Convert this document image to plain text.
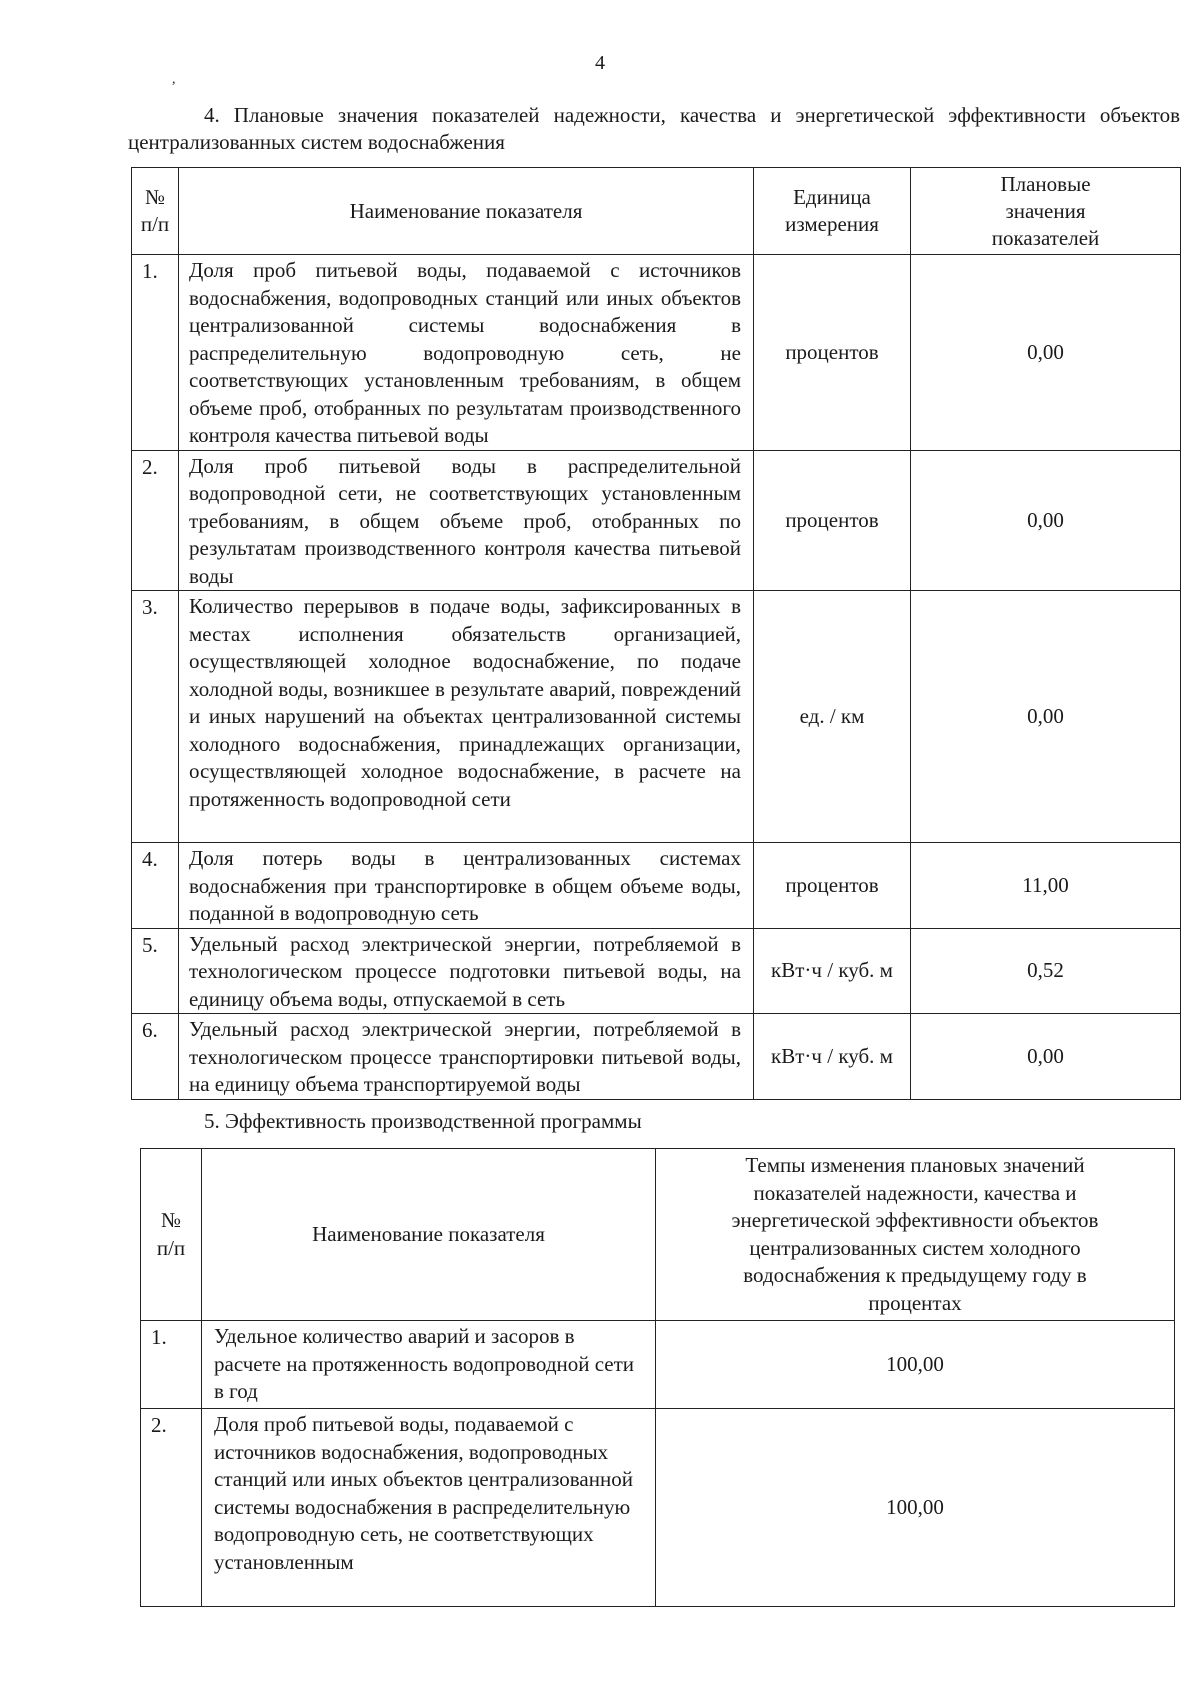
4
,
4. Плановые значения показателей надежности, качества и энергетической эффективности объектов централизованных систем водоснабжения
№ п/п	Наименование показателя	Единица измерения	Плановые значения показателей

1.	Доля проб питьевой воды, подаваемой с источников водоснабжения, водопроводных станций или иных объектов централизованной системы водоснабжения в распределительную водопроводную сеть, не соответствующих установленным требованиям, в общем объеме проб, отобранных по результатам производственного контроля качества питьевой воды	процентов	0,00
2.	Доля проб питьевой воды в распределительной водопроводной сети, не соответствующих установленным требованиям, в общем объеме проб, отобранных по результатам производственного контроля качества питьевой воды	процентов	0,00
3.	Количество перерывов в подаче воды, зафиксированных в местах исполнения обязательств организацией, осуществляющей холодное водоснабжение, по подаче холодной воды, возникшее в результате аварий, повреждений и иных нарушений на объектах централизованной системы холодного водоснабжения, принадлежащих организации, осуществляющей холодное водоснабжение, в расчете на протяженность водопроводной сети	ед. / км	0,00
4.	Доля потерь воды в централизованных системах водоснабжения при транспортировке в общем объеме воды, поданной в водопроводную сеть	процентов	11,00
5.	Удельный расход электрической энергии, потребляемой в технологическом процессе подготовки питьевой воды, на единицу объема воды, отпускаемой в сеть	кВт·ч / куб. м	0,52
6.	Удельный расход электрической энергии, потребляемой в технологическом процессе транспортировки питьевой воды, на единицу объема транспортируемой воды	кВт·ч / куб. м	0,00
5. Эффективность производственной программы
№ п/п	Наименование показателя	Темпы изменения плановых значений показателей надежности, качества и энергетической эффективности объектов централизованных систем холодного водоснабжения к предыдущему году в процентах

1.	Удельное количество аварий и засоров в расчете на протяженность водопроводной сети в год	100,00
2.	Доля проб питьевой воды, подаваемой с источников водоснабжения, водопроводных станций или иных объектов централизованной системы водоснабжения в распределительную водопроводную сеть, не соответствующих установленным	100,00
